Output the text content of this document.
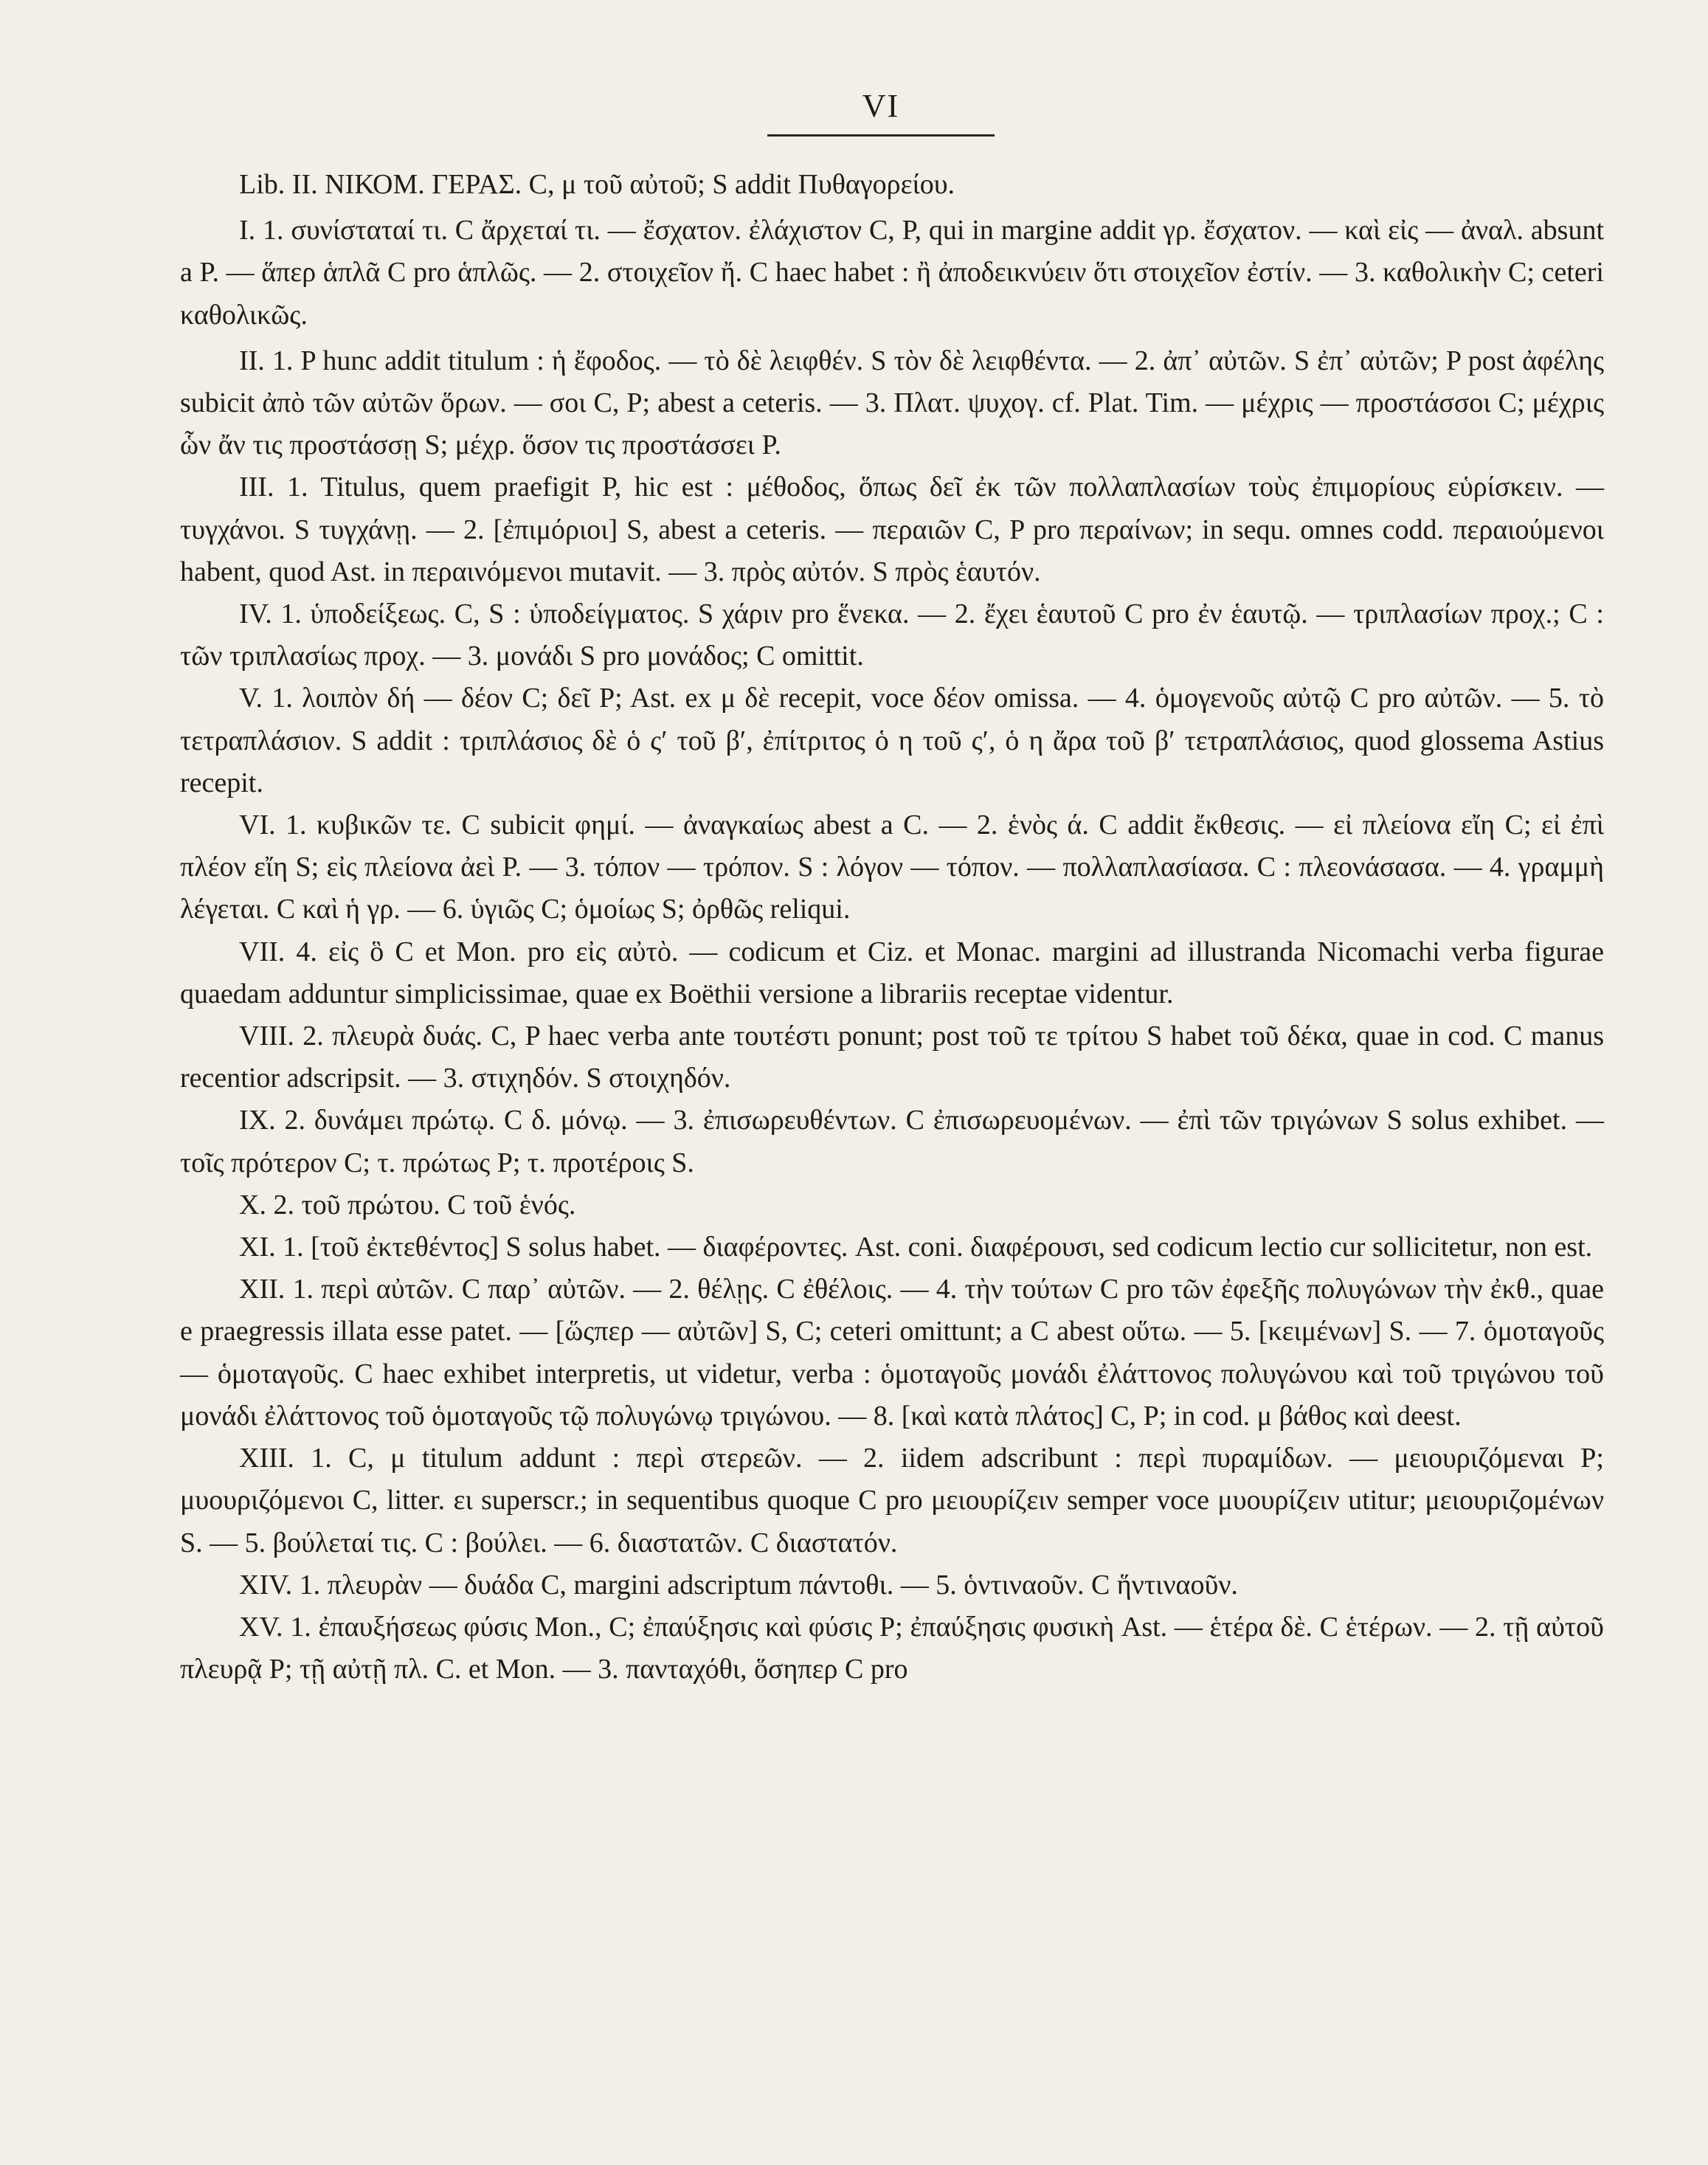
VI

Lib. II. ΝΙΚΟΜ. ΓΕΡΑΣ. C, μ τοῦ αὐτοῦ; S addit Πυθαγορείου.

I. 1. συνίσταταί τι. C ἄρχεταί τι. — ἔσχατον. ἐλάχιστον C, P, qui in margine addit γρ. ἔσχατον. — καὶ εἰς — ἀναλ. absunt a P. — ἅπερ ἁπλᾶ C pro ἁπλῶς. — 2. στοιχεῖον ἤ. C haec habet : ἢ ἀποδεικνύειν ὅτι στοιχεῖον ἐστίν. — 3. καθολικὴν C; ceteri καθολικῶς.

II. 1. P hunc addit titulum : ἡ ἔφοδος. — τὸ δὲ λειφθέν. S τὸν δὲ λειφθέντα. — 2. ἀπ᾽ αὐτῶν. S ἐπ᾽ αὐτῶν; P post ἀφέλης subicit ἀπὸ τῶν αὐτῶν ὅρων. — σοι C, P; abest a ceteris. — 3. Πλατ. ψυχογ. cf. Plat. Tim. — μέχρις — προστάσσοι C; μέχρις ὧν ἄν τις προστάσσῃ S; μέχρ. ὅσον τις προστάσσει P.

III. 1. Titulus, quem praefigit P, hic est : μέθοδος, ὅπως δεῖ ἐκ τῶν πολλαπλασίων τοὺς ἐπιμορίους εὑρίσκειν. — τυγχάνοι. S τυγχάνῃ. — 2. [ἐπιμόριοι] S, abest a ceteris. — περαιῶν C, P pro περαίνων; in sequ. omnes codd. περαιούμενοι habent, quod Ast. in περαινόμενοι mutavit. — 3. πρὸς αὐτόν. S πρὸς ἑαυτόν.

IV. 1. ὑποδείξεως. C, S : ὑποδείγματος. S χάριν pro ἕνεκα. — 2. ἔχει ἑαυτοῦ C pro ἐν ἑαυτῷ. — τριπλασίων προχ.; C : τῶν τριπλασίως προχ. — 3. μονάδι S pro μονάδος; C omittit.

V. 1. λοιπὸν δή — δέον C; δεῖ P; Ast. ex μ δὲ recepit, voce δέον omissa. — 4. ὁμογενοῦς αὐτῷ C pro αὐτῶν. — 5. τὸ τετραπλάσιον. S addit : τριπλάσιος δὲ ὁ ς′ τοῦ β′, ἐπίτριτος ὁ η τοῦ ς′, ὁ η ἄρα τοῦ β′ τετραπλάσιος, quod glossema Astius recepit.

VI. 1. κυβικῶν τε. C subicit φημί. — ἀναγκαίως abest a C. — 2. ἑνὸς ά. C addit ἔκθεσις. — εἰ πλείονα εἴη C; εἰ ἐπὶ πλέον εἴη S; εἰς πλείονα ἀεὶ P. — 3. τόπον — τρόπον. S : λόγον — τόπον. — πολλαπλασίασα. C : πλεονάσασα. — 4. γραμμὴ λέγεται. C καὶ ἡ γρ. — 6. ὑγιῶς C; ὁμοίως S; ὀρθῶς reliqui.

VII. 4. εἰς ὃ C et Mon. pro εἰς αὐτὸ. — codicum et Ciz. et Monac. margini ad illustranda Nicomachi verba figurae quaedam adduntur simplicissimae, quae ex Boëthii versione a librariis receptae videntur.

VIII. 2. πλευρὰ δυάς. C, P haec verba ante τουτέστι ponunt; post τοῦ τε τρίτου S habet τοῦ δέκα, quae in cod. C manus recentior adscripsit. — 3. στιχηδόν. S στοιχηδόν.

IX. 2. δυνάμει πρώτῳ. C δ. μόνῳ. — 3. ἐπισωρευθέντων. C ἐπισωρευομένων. — ἐπὶ τῶν τριγώνων S solus exhibet. — τοῖς πρότερον C; τ. πρώτως P; τ. προτέροις S.

X. 2. τοῦ πρώτου. C τοῦ ἑνός.

XI. 1. [τοῦ ἐκτεθέντος] S solus habet. — διαφέροντες. Ast. coni. διαφέρουσι, sed codicum lectio cur sollicitetur, non est.

XII. 1. περὶ αὐτῶν. C παρ᾽ αὐτῶν. — 2. θέλῃς. C ἐθέλοις. — 4. τὴν τούτων C pro τῶν ἐφεξῆς πολυγώνων τὴν ἐκθ., quae e praegressis illata esse patet. — [ὥςπερ — αὐτῶν] S, C; ceteri omittunt; a C abest οὕτω. — 5. [κειμένων] S. — 7. ὁμοταγοῦς — ὁμοταγοῦς. C haec exhibet interpretis, ut videtur, verba : ὁμοταγοῦς μονάδι ἐλάττονος πολυγώνου καὶ τοῦ τριγώνου τοῦ μονάδι ἐλάττονος τοῦ ὁμοταγοῦς τῷ πολυγώνῳ τριγώνου. — 8. [καὶ κατὰ πλάτος] C, P; in cod. μ βάθος καὶ deest.

XIII. 1. C, μ titulum addunt : περὶ στερεῶν. — 2. iidem adscribunt : περὶ πυραμίδων. — μειουριζόμεναι P; μυουριζόμενοι C, litter. ει superscr.; in sequentibus quoque C pro μειουρίζειν semper voce μυουρίζειν utitur; μειουριζομένων S. — 5. βούλεταί τις. C : βούλει. — 6. διαστατῶν. C διαστατόν.

XIV. 1. πλευρὰν — δυάδα C, margini adscriptum πάντοθι. — 5. ὁντιναοῦν. C ἥντιναοῦν.

XV. 1. ἐπαυξήσεως φύσις Mon., C; ἐπαύξησις καὶ φύσις P; ἐπαύξησις φυσικὴ Ast. — ἑτέρα δὲ. C ἑτέρων. — 2. τῇ αὐτοῦ πλευρᾷ P; τῇ αὐτῇ πλ. C. et Mon. — 3. πανταχόθι, ὅσηπερ C pro
